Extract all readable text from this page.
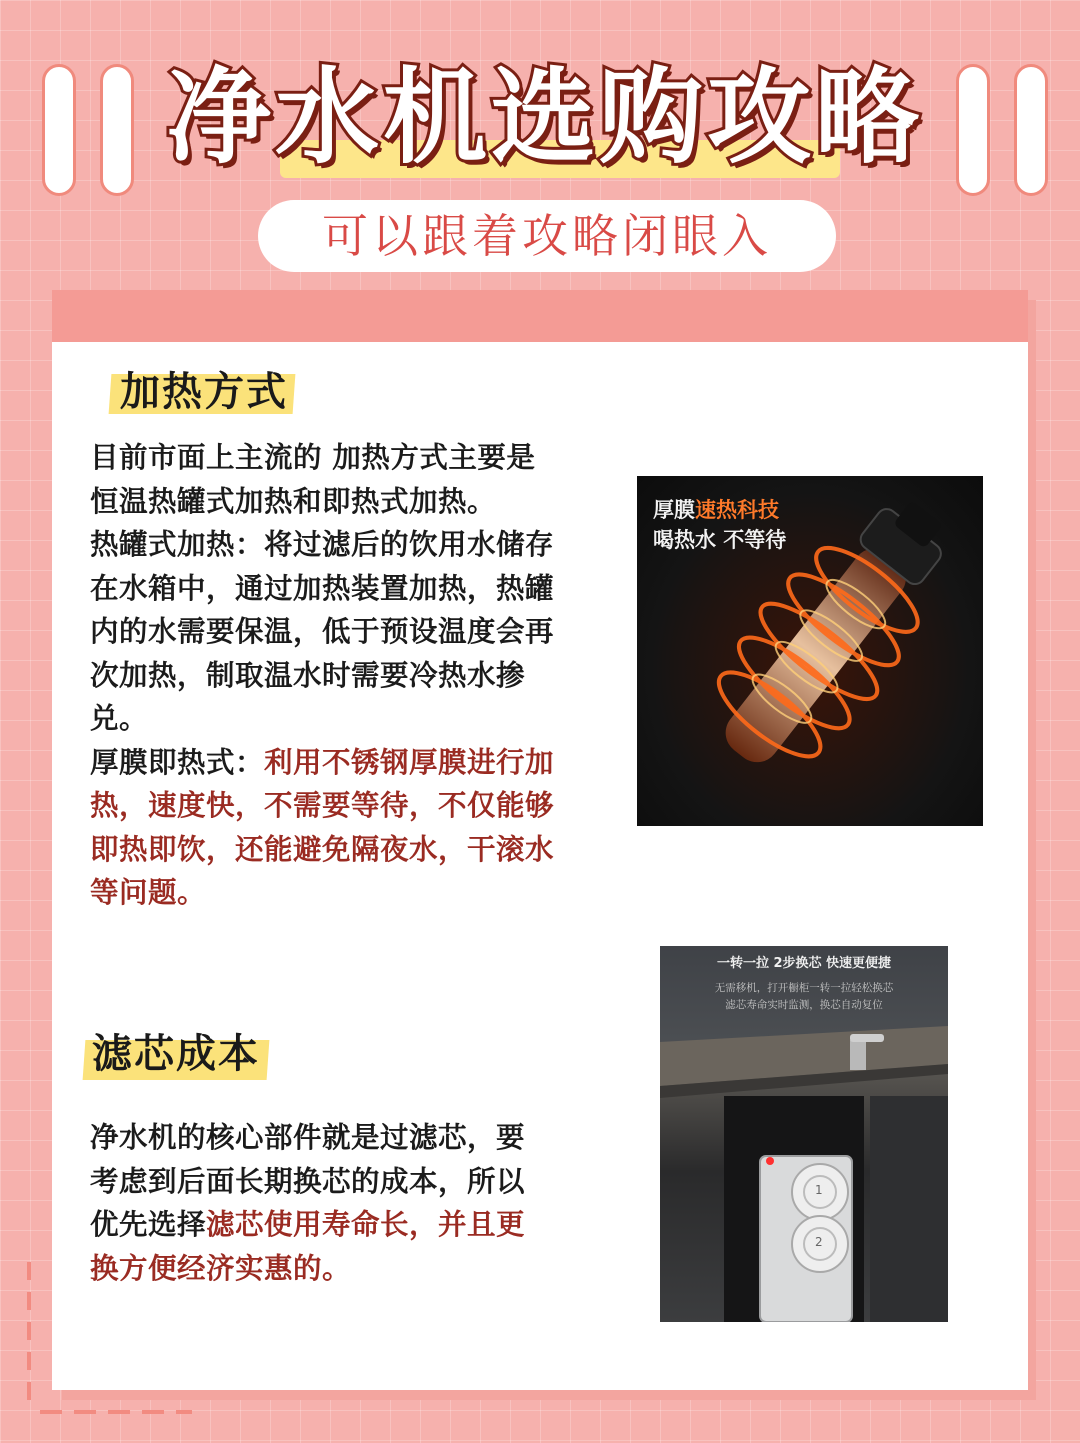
净水机选购攻略
可以跟着攻略闭眼入
加热方式
目前市面上主流的 加热方式主要是
恒温热罐式加热和即热式加热。
热罐式加热：将过滤后的饮用水储存
在水箱中，通过加热装置加热，热罐
内的水需要保温，低于预设温度会再
次加热，制取温水时需要冷热水掺
兑。
厚膜即热式：利用不锈钢厚膜进行加
热，速度快，不需要等待，不仅能够
即热即饮，还能避免隔夜水，干滚水
等问题。
厚膜速热科技
喝热水 不等待
滤芯成本
净水机的核心部件就是过滤芯，要
考虑到后面长期换芯的成本，所以
优先选择滤芯使用寿命长，并且更
换方便经济实惠的。
1
2
一转一拉 2步换芯 快速更便捷
无需移机，打开橱柜一转一拉轻松换芯
滤芯寿命实时监测，换芯自动复位
